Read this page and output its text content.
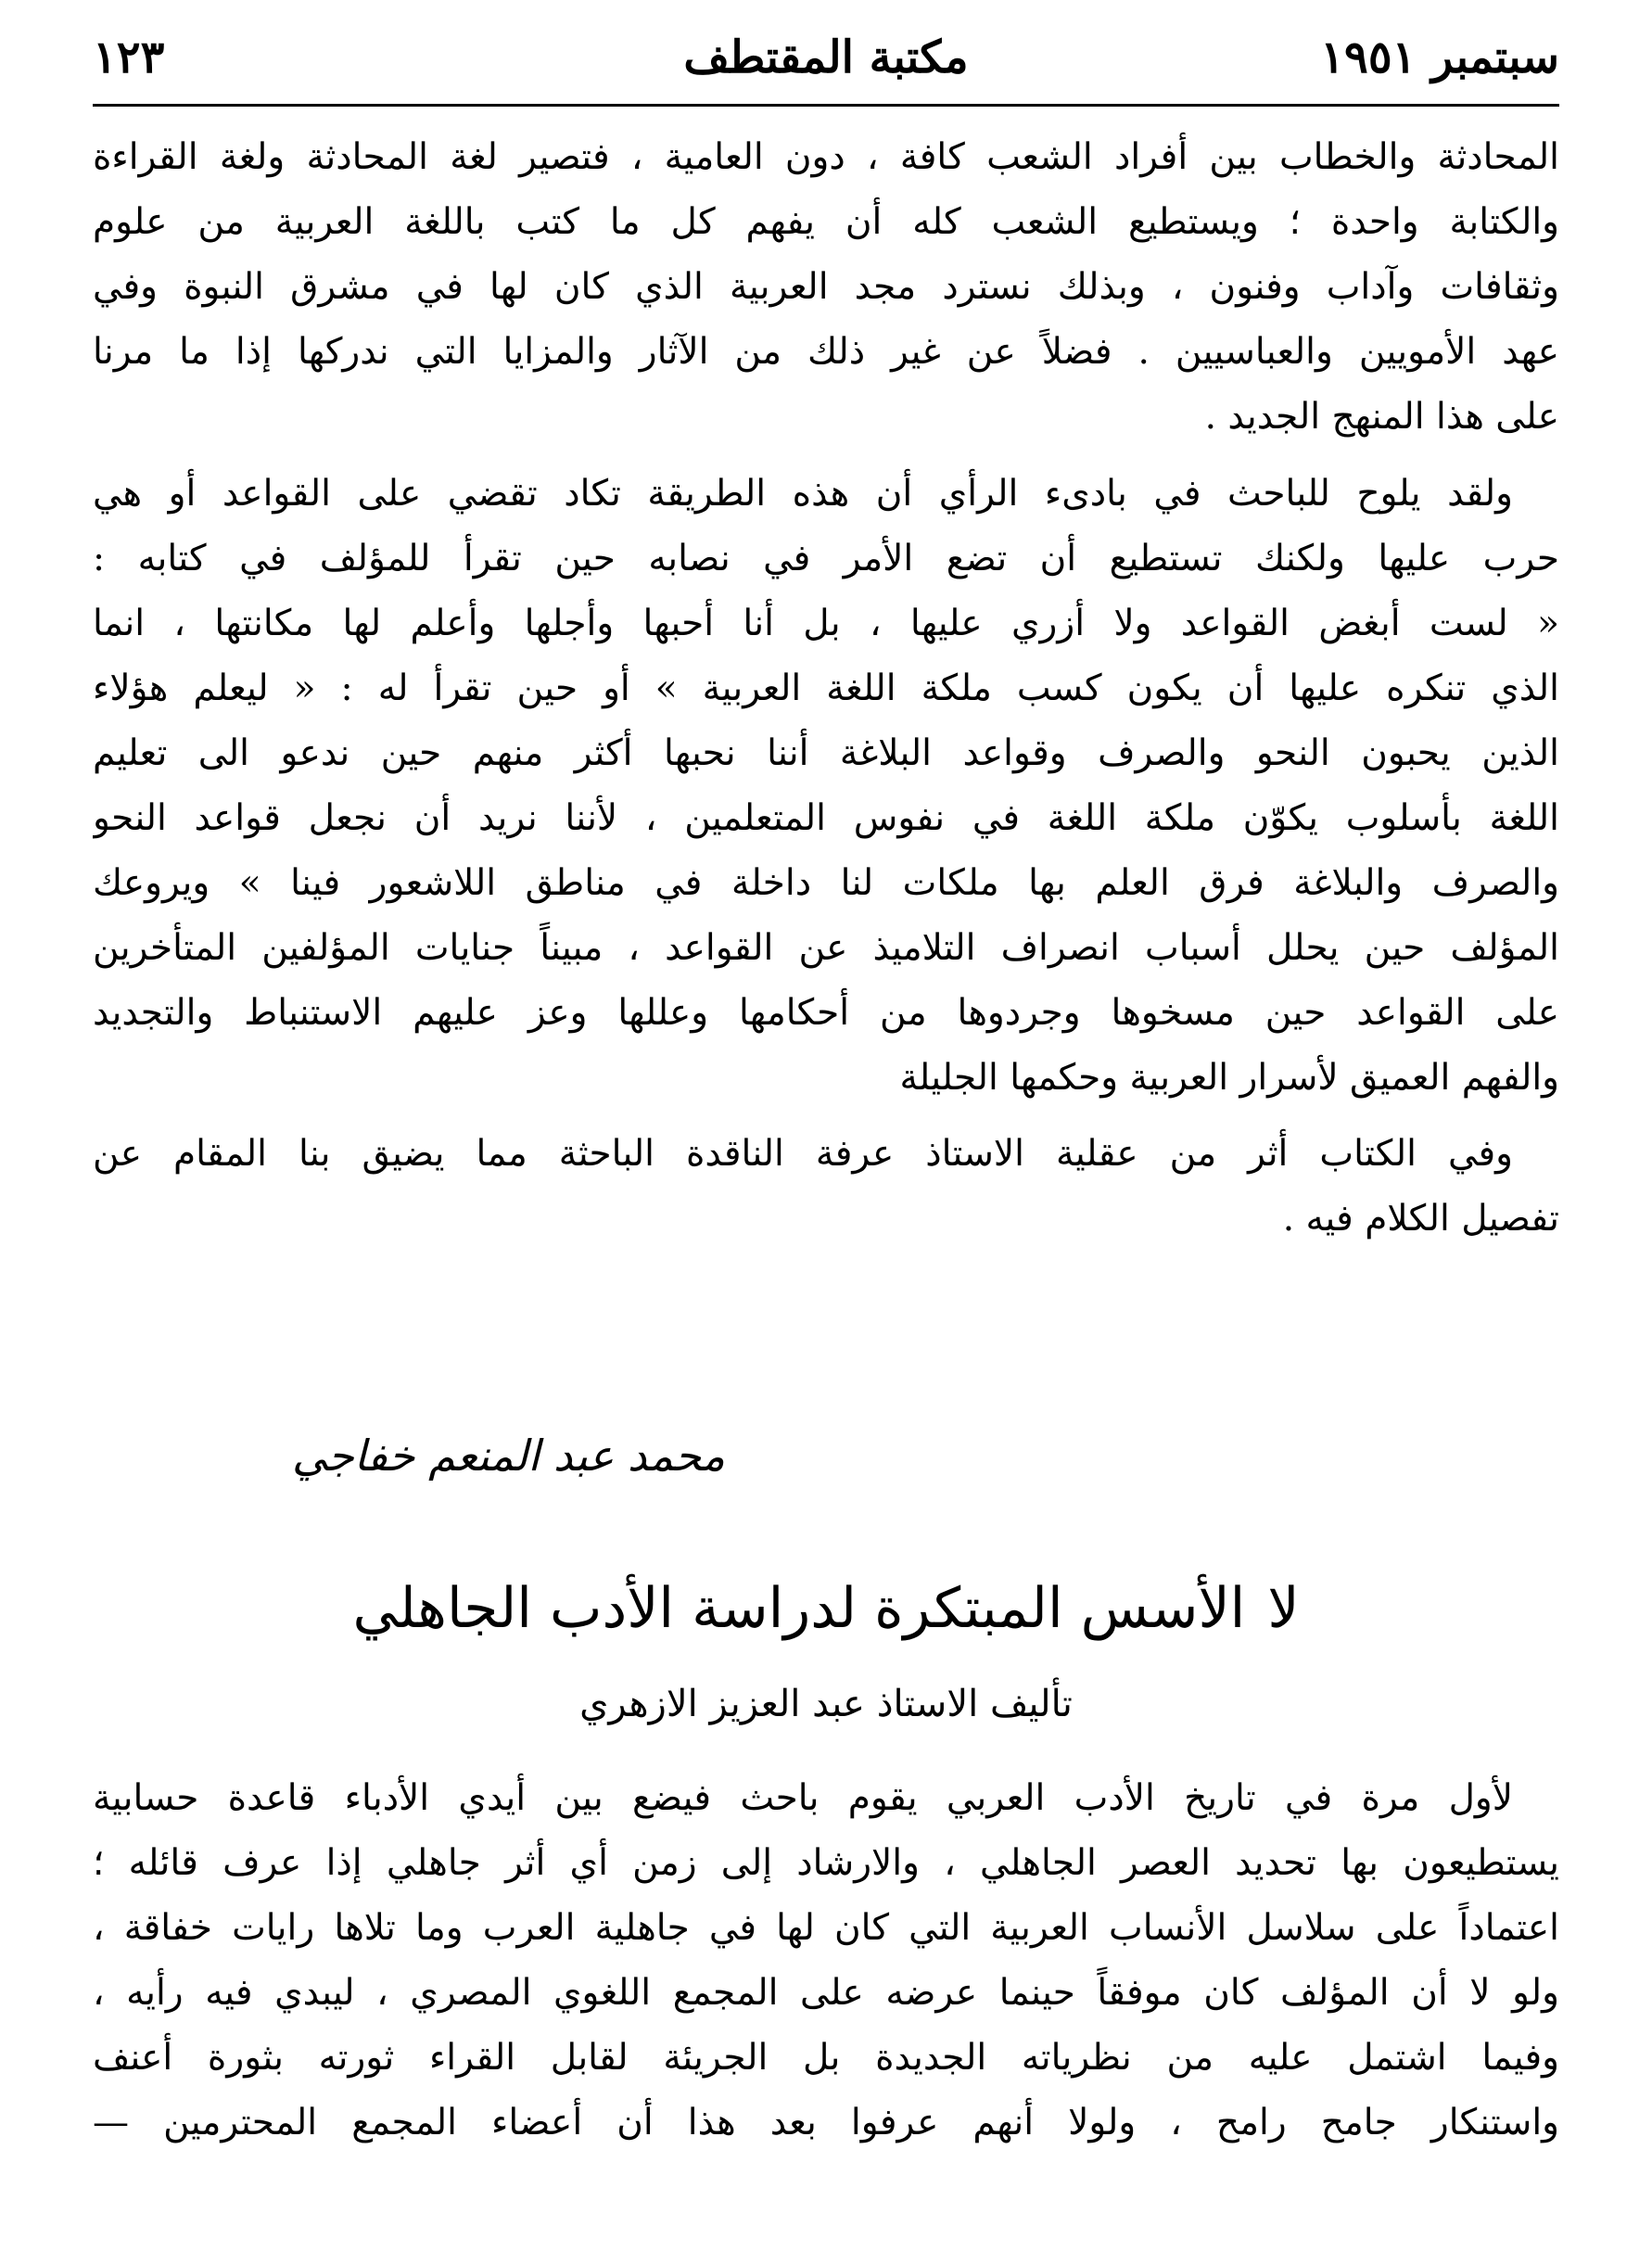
سبتمبر ١٩٥١
مكتبة المقتطف
١٢٣
المحادثة والخطاب بين أفراد الشعب كافة ، دون العامية ، فتصير لغة المحادثة ولغة القراءة
والكتابة واحدة ؛ ويستطيع الشعب كله أن يفهم كل ما كتب باللغة العربية من علوم
وثقافات وآداب وفنون ، وبذلك نسترد مجد العربية الذي كان لها في مشرق النبوة وفي
عهد الأمويين والعباسيين . فضلاً عن غير ذلك من الآثار والمزايا التي ندركها إذا ما مرنا
على هذا المنهج الجديد .
ولقد يلوح للباحث في بادىء الرأي أن هذه الطريقة تكاد تقضي على القواعد أو هي
حرب عليها ولكنك تستطيع أن تضع الأمر في نصابه حين تقرأ للمؤلف في كتابه :
« لست أبغض القواعد ولا أزري عليها ، بل أنا أحبها وأجلها وأعلم لها مكانتها ، انما
الذي تنكره عليها أن يكون كسب ملكة اللغة العربية » أو حين تقرأ له : « ليعلم هؤلاء
الذين يحبون النحو والصرف وقواعد البلاغة أننا نحبها أكثر منهم حين ندعو الى تعليم
اللغة بأسلوب يكوّن ملكة اللغة في نفوس المتعلمين ، لأننا نريد أن نجعل قواعد النحو
والصرف والبلاغة فرق العلم بها ملكات لنا داخلة في مناطق اللاشعور فينا » ويروعك
المؤلف حين يحلل أسباب انصراف التلاميذ عن القواعد ، مبيناً جنايات المؤلفين المتأخرين
على القواعد حين مسخوها وجردوها من أحكامها وعللها وعز عليهم الاستنباط والتجديد
والفهم العميق لأسرار العربية وحكمها الجليلة
وفي الكتاب أثر من عقلية الاستاذ عرفة الناقدة الباحثة مما يضيق بنا المقام عن
تفصيل الكلام فيه .
محمد عبد المنعم خفاجي
لاالأسس المبتكرة لدراسة الأدب الجاهلي
تأليف الاستاذ عبد العزيز الازهري
لأول مرة في تاريخ الأدب العربي يقوم باحث فيضع بين أيدي الأدباء قاعدة حسابية
يستطيعون بها تحديد العصر الجاهلي ، والارشاد إلى زمن أي أثر جاهلي إذا عرف قائله ؛
اعتماداً على سلاسل الأنساب العربية التي كان لها في جاهلية العرب وما تلاها رايات خفاقة ،
ولو لا أن المؤلف كان موفقاً حينما عرضه على المجمع اللغوي المصري ، ليبدي فيه رأيه ،
وفيما اشتمل عليه من نظرياته الجديدة بل الجريئة لقابل القراء ثورته بثورة أعنف
واستنكار جامح رامح ، ولولا أنهم عرفوا بعد هذا أن أعضاء المجمع المحترمين —
